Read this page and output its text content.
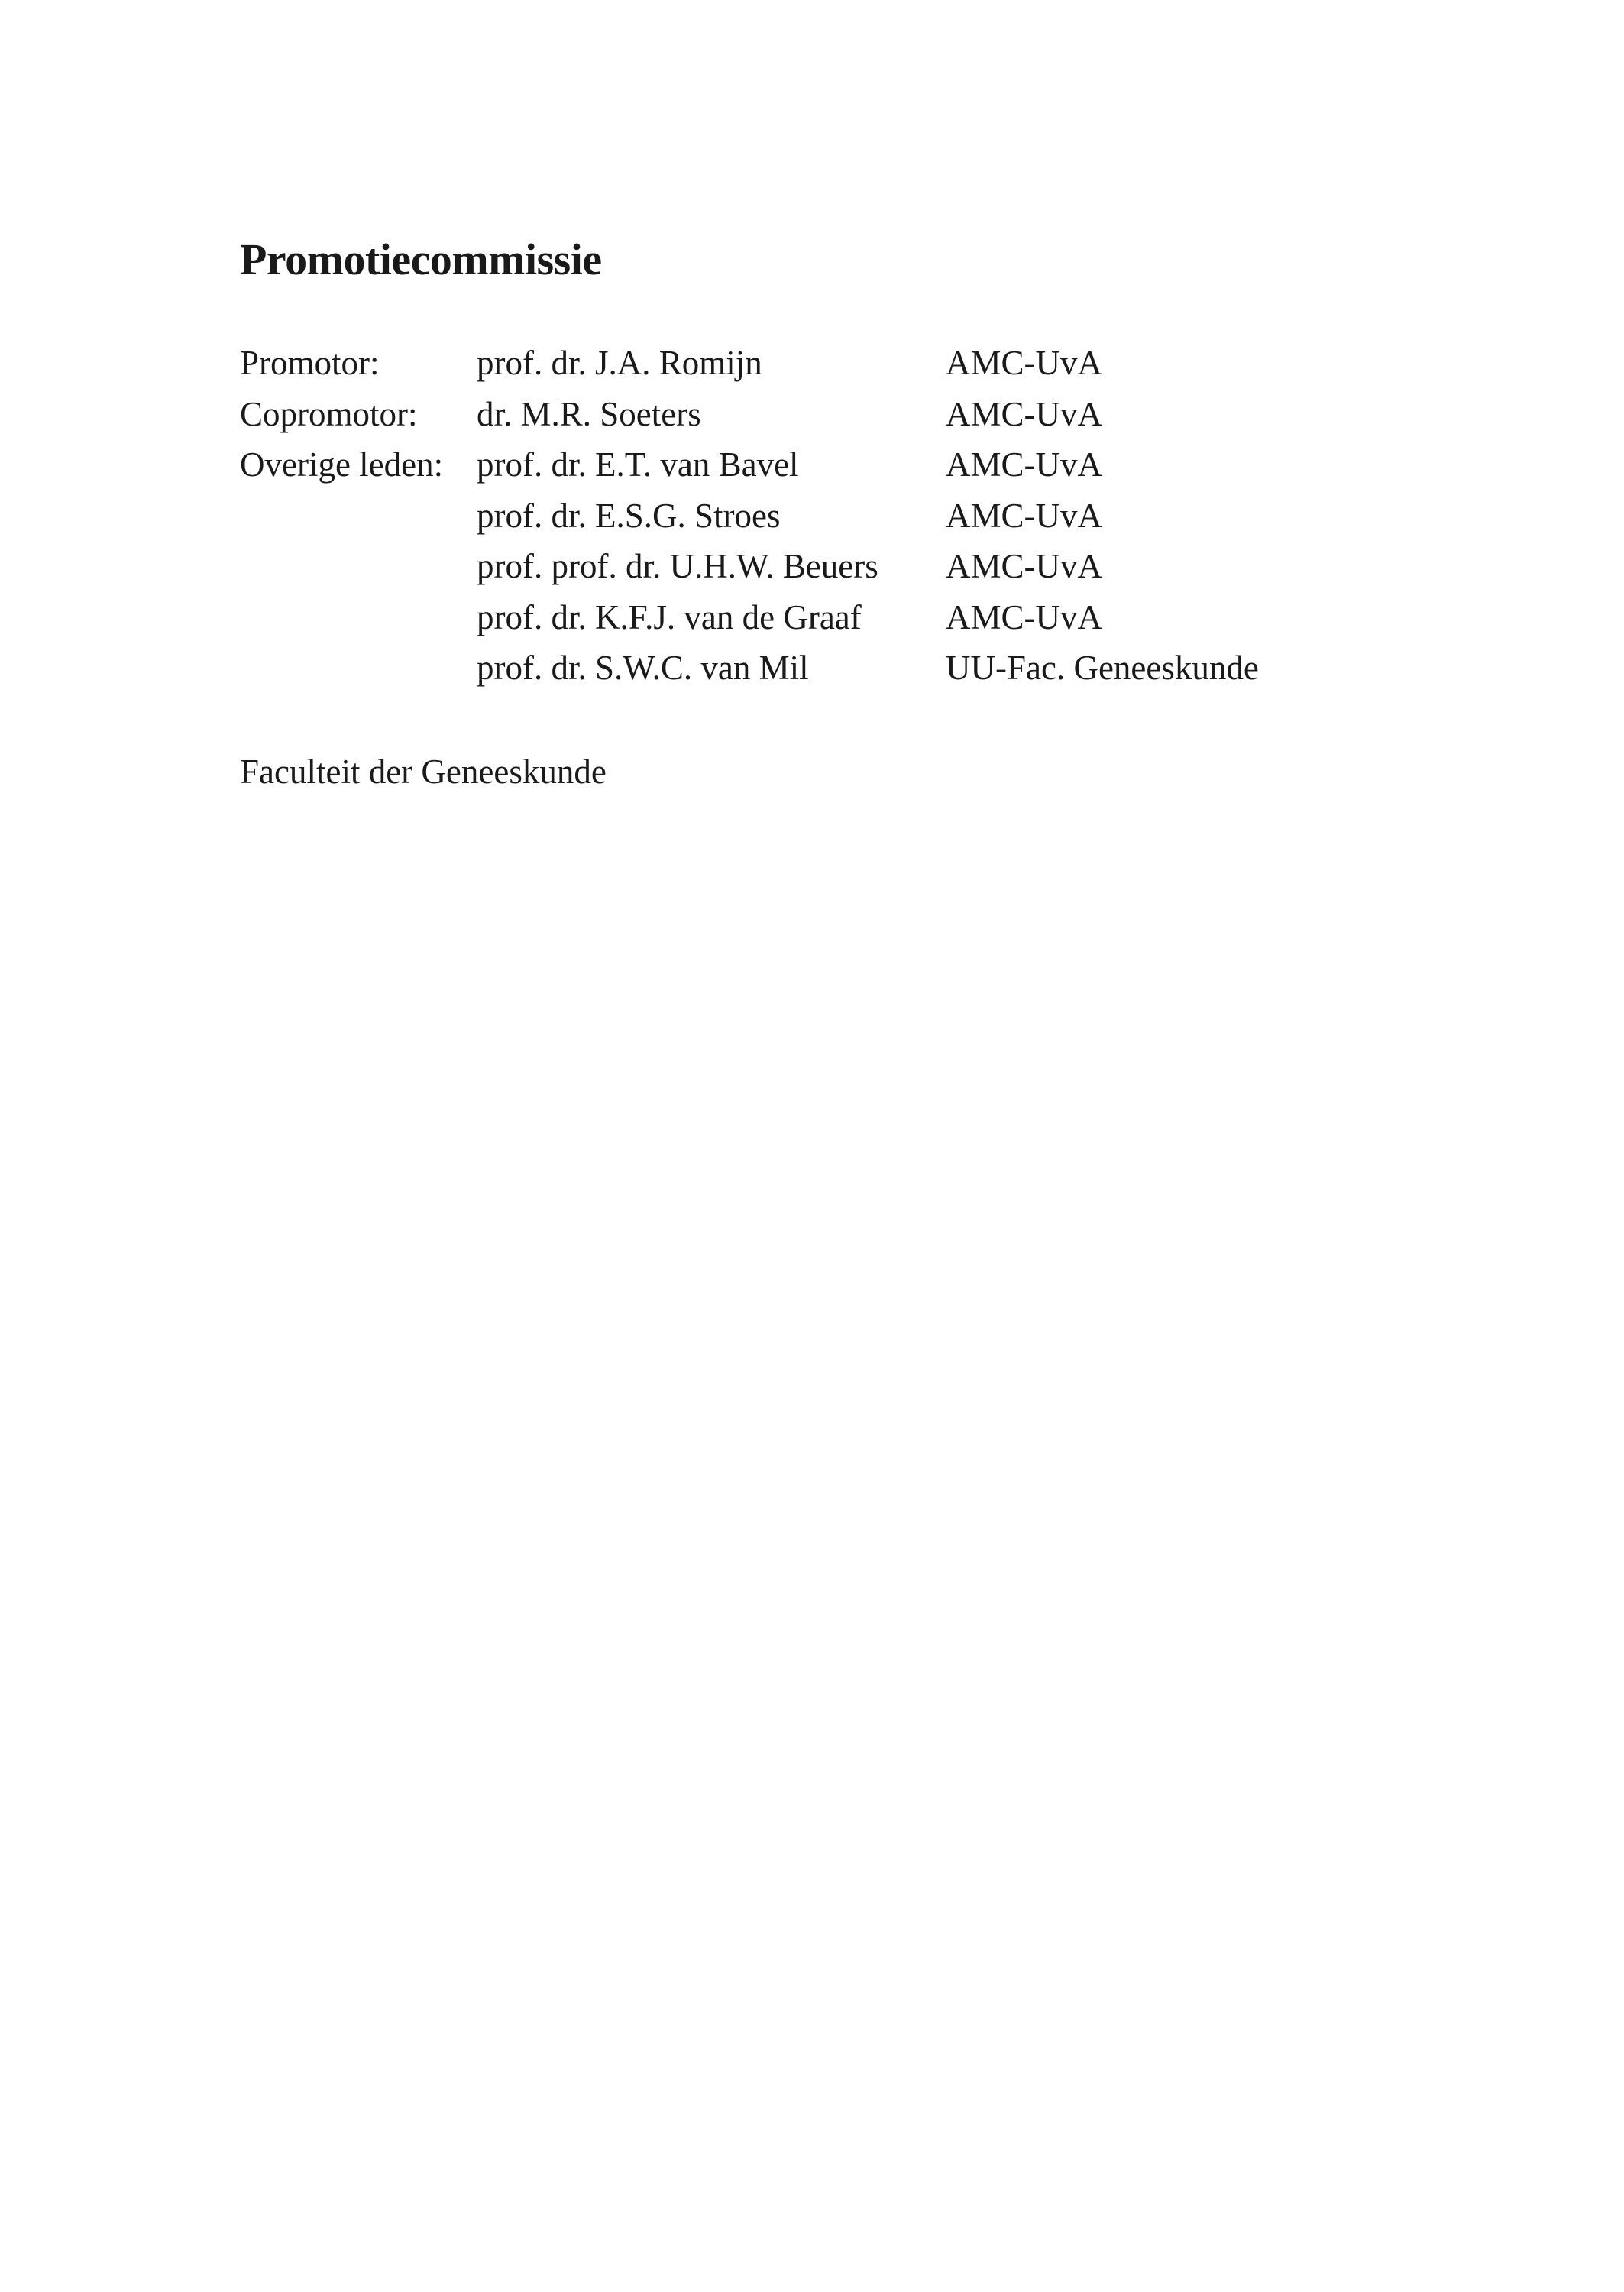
Promotiecommissie
Promotor:	prof. dr. J.A. Romijn	AMC-UvA
Copromotor: dr. M.R. Soeters	AMC-UvA
Overige leden: prof. dr. E.T. van Bavel	AMC-UvA
prof. dr. E.S.G. Stroes	AMC-UvA
prof. prof. dr. U.H.W. Beuers AMC-UvA
prof. dr. K.F.J. van de Graaf AMC-UvA
prof. dr. S.W.C. van Mil	UU-Fac. Geneeskunde
Faculteit der Geneeskunde
